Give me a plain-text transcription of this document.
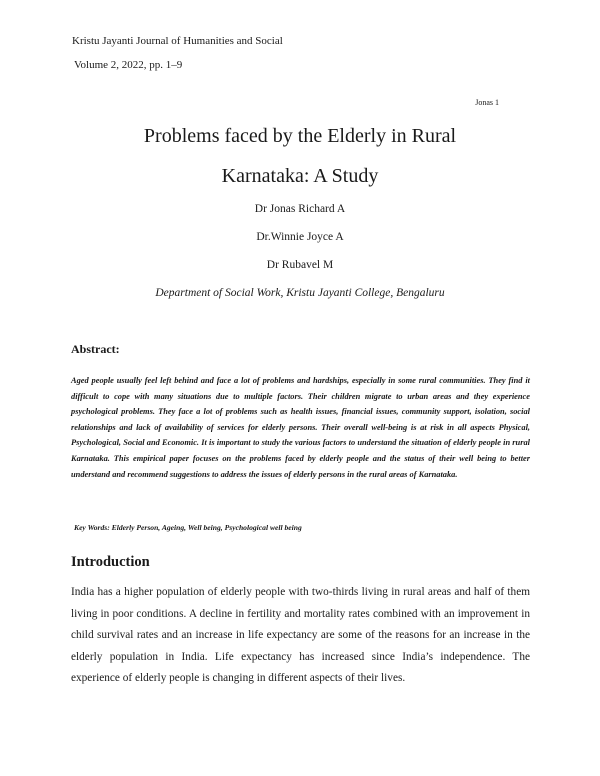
Kristu Jayanti Journal of Humanities and Social
Volume 2, 2022, pp. 1–9
Jonas 1
Problems faced by the Elderly in Rural
Karnataka: A Study
Dr Jonas Richard A
Dr.Winnie Joyce A
Dr Rubavel M
Department of Social Work, Kristu Jayanti College, Bengaluru
Abstract:

Aged people usually feel left behind and face a lot of problems and hardships, especially in some rural communities. They find it difficult to cope with many situations due to multiple factors. Their children migrate to urban areas and they experience psychological problems. They face a lot of problems such as health issues, financial issues, community support, isolation, social relationships and lack of availability of services for elderly persons. Their overall well-being is at risk in all aspects Physical, Psychological, Social and Economic. It is important to study the various factors to understand the situation of elderly people in rural Karnataka. This empirical paper focuses on the problems faced by elderly people and the status of their well being to better understand and recommend suggestions to address the issues of elderly persons in the rural areas of Karnataka.

Key Words: Elderly Person, Ageing, Well being, Psychological well being
Introduction

India has a higher population of elderly people with two-thirds living in rural areas and half of them living in poor conditions. A decline in fertility and mortality rates combined with an improvement in child survival rates and an increase in life expectancy are some of the reasons for an increase in the elderly population in India. Life expectancy has increased since India’s independence. The experience of elderly people is changing in different aspects of their lives.
